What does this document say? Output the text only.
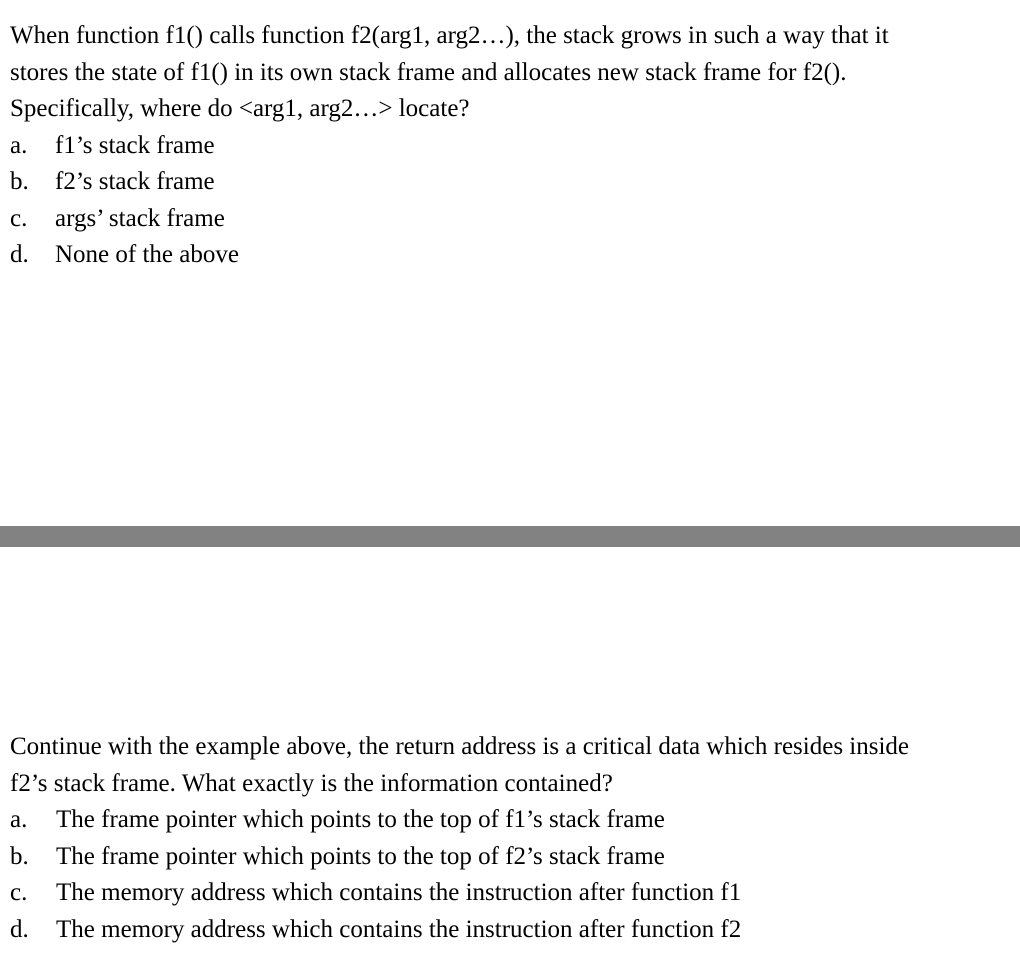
When function f1() calls function f2(arg1, arg2…), the stack grows in such a way that it
stores the state of f1() in its own stack frame and allocates new stack frame for f2().
Specifically, where do <arg1, arg2…> locate?
a.	f1’s stack frame
b.	f2’s stack frame
c.	args’ stack frame
d.	None of the above
Continue with the example above, the return address is a critical data which resides inside
f2’s stack frame. What exactly is the information contained?
a.	The frame pointer which points to the top of f1’s stack frame
b.	The frame pointer which points to the top of f2’s stack frame
c.	The memory address which contains the instruction after function f1
d.	The memory address which contains the instruction after function f2
